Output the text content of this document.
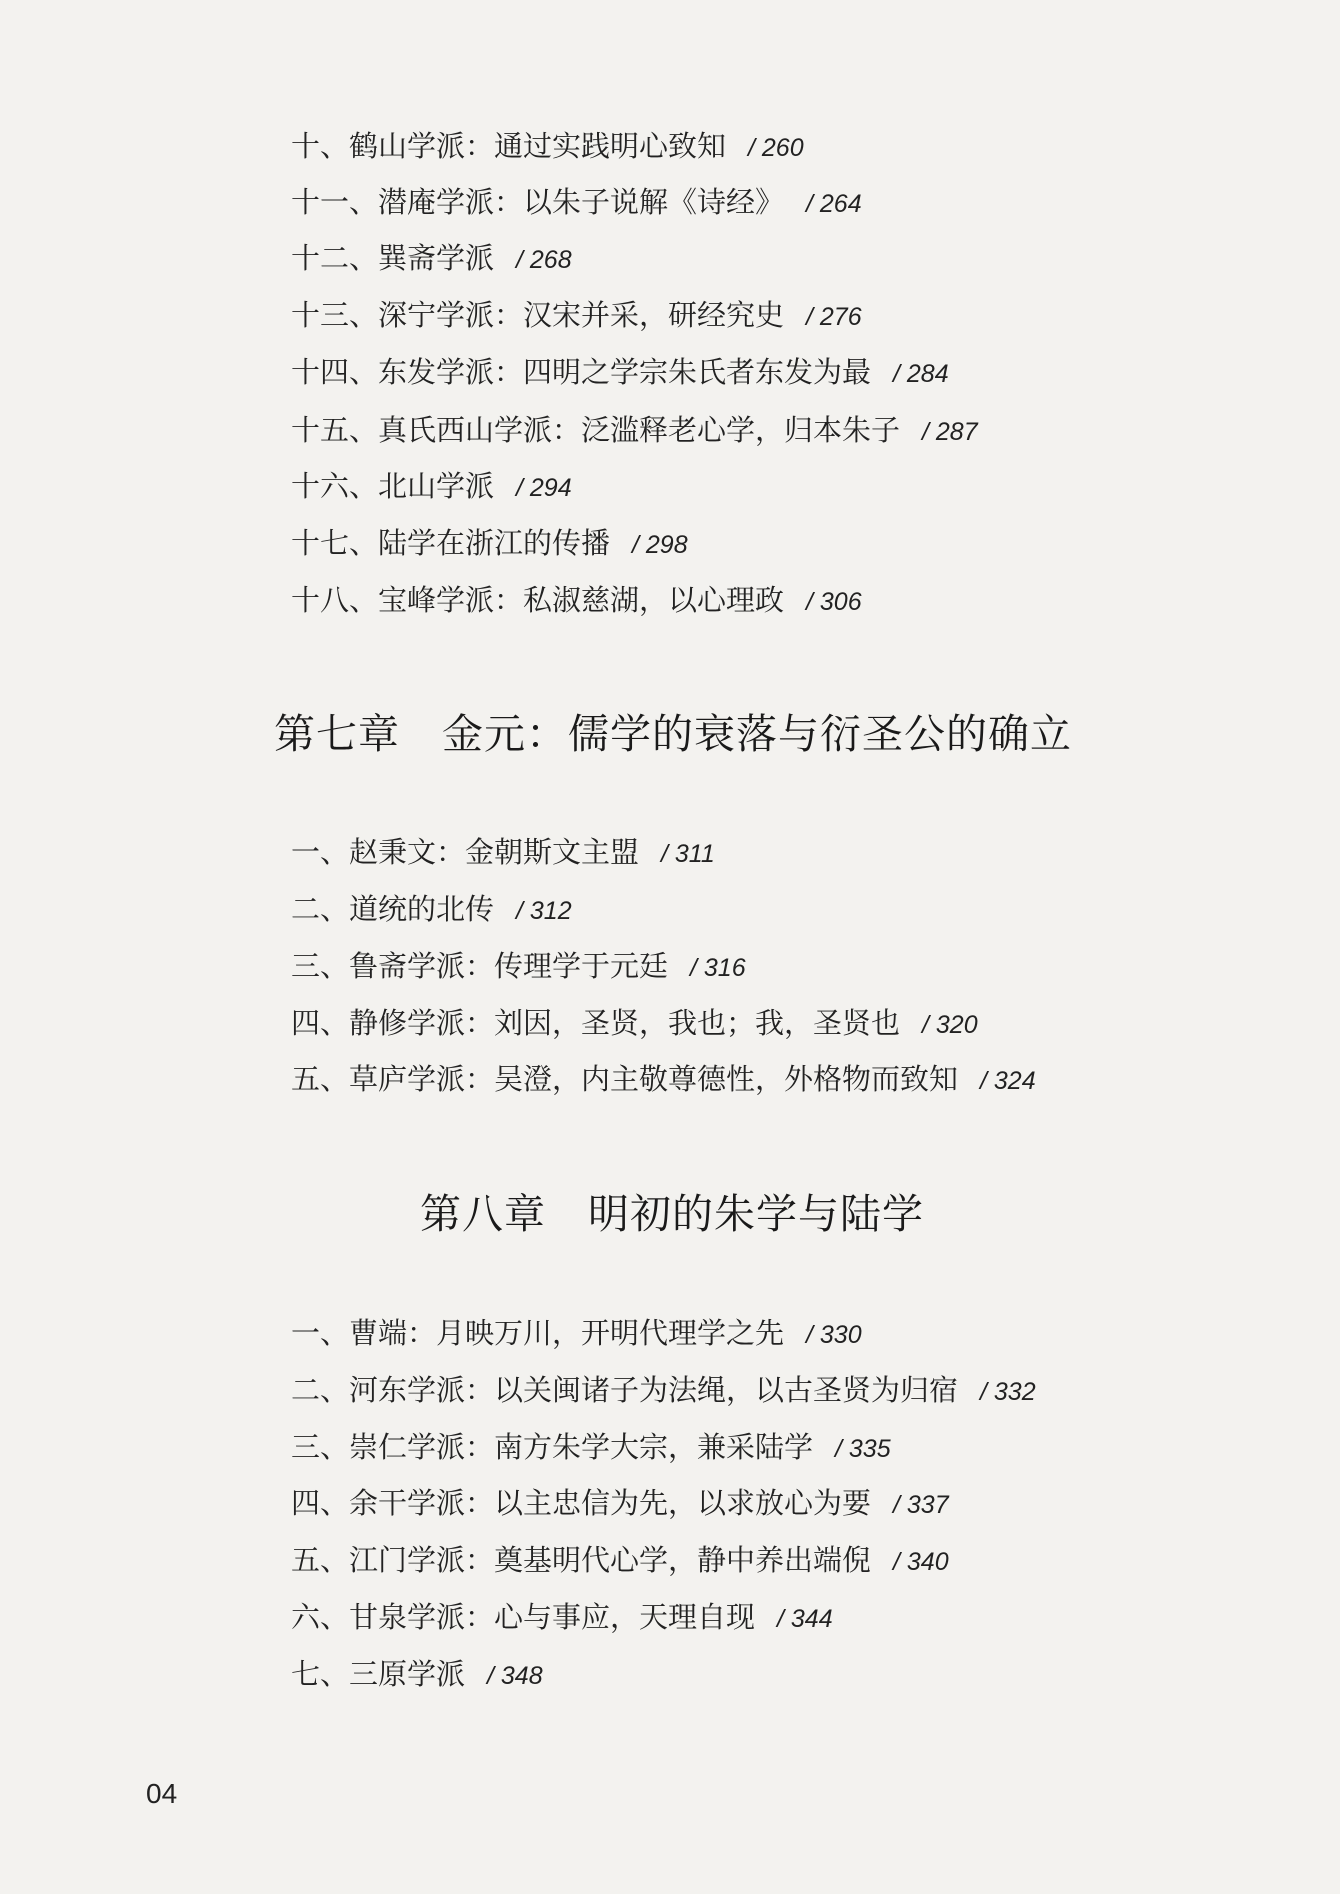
十、鹤山学派：通过实践明心致知 / 260
十一、潜庵学派：以朱子说解《诗经》 / 264
十二、巽斋学派 / 268
十三、深宁学派：汉宋并采，研经究史 / 276
十四、东发学派：四明之学宗朱氏者东发为最 / 284
十五、真氏西山学派：泛滥释老心学，归本朱子 / 287
十六、北山学派 / 294
十七、陆学在浙江的传播 / 298
十八、宝峰学派：私淑慈湖，以心理政 / 306
第七章　金元：儒学的衰落与衍圣公的确立
一、赵秉文：金朝斯文主盟 / 311
二、道统的北传 / 312
三、鲁斋学派：传理学于元廷 / 316
四、静修学派：刘因，圣贤，我也；我，圣贤也 / 320
五、草庐学派：吴澄，内主敬尊德性，外格物而致知 / 324
第八章　明初的朱学与陆学
一、曹端：月映万川，开明代理学之先 / 330
二、河东学派：以关闽诸子为法绳，以古圣贤为归宿 / 332
三、崇仁学派：南方朱学大宗，兼采陆学 / 335
四、余干学派：以主忠信为先，以求放心为要 / 337
五、江门学派：奠基明代心学，静中养出端倪 / 340
六、甘泉学派：心与事应，天理自现 / 344
七、三原学派 / 348
04
